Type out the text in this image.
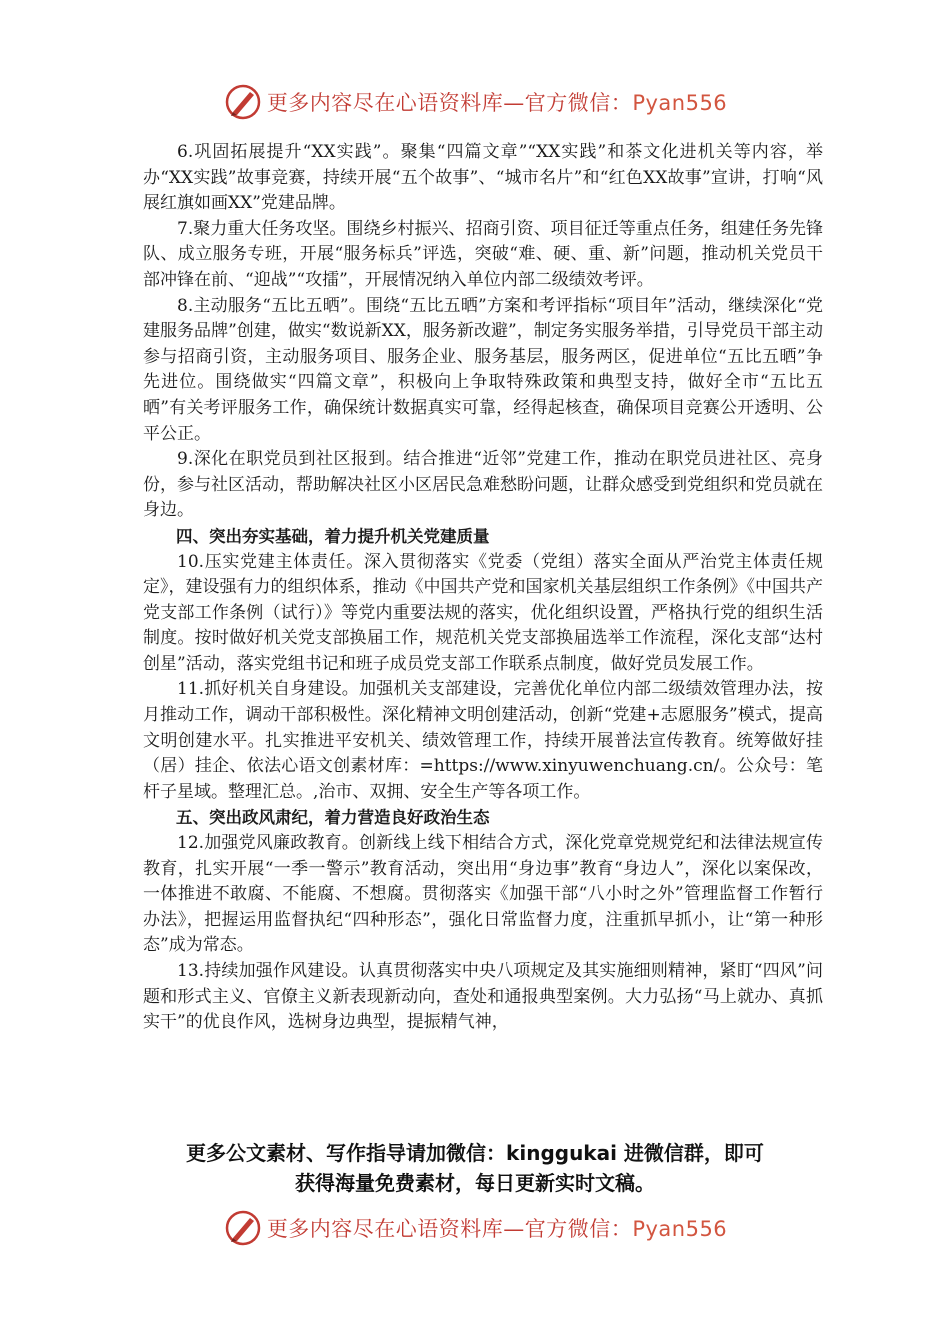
更多内容尽在心语资料库—官方微信：Pyan556

6.巩固拓展提升“XX实践”。聚集“四篇文章”“XX实践”和茶文化进机关等内容，举办“XX实践”故事竞赛，持续开展“五个故事”、“城市名片”和“红色XX故事”宣讲，打响“风展红旗如画XX”党建品牌。

7.聚力重大任务攻坚。围绕乡村振兴、招商引资、项目征迁等重点任务，组建任务先锋队、成立服务专班，开展“服务标兵”评选，突破“难、硬、重、新”问题，推动机关党员干部冲锋在前、“迎战”“攻擂”，开展情况纳入单位内部二级绩效考评。

8.主动服务“五比五晒”。围绕“五比五晒”方案和考评指标“项目年”活动，继续深化“党建服务品牌”创建，做实“数说新XX，服务新改避”，制定务实服务举措，引导党员干部主动参与招商引资，主动服务项目、服务企业、服务基层，服务两区，促进单位“五比五晒”争先进位。围绕做实“四篇文章”，积极向上争取特殊政策和典型支持，做好全市“五比五晒”有关考评服务工作，确保统计数据真实可靠，经得起核查，确保项目竞赛公开透明、公平公正。

9.深化在职党员到社区报到。结合推进“近邻”党建工作，推动在职党员进社区、亮身份，参与社区活动，帮助解决社区小区居民急难愁盼问题，让群众感受到党组织和党员就在身边。

四、突出夯实基础，着力提升机关党建质量

10.压实党建主体责任。深入贯彻落实《党委（党组）落实全面从严治党主体责任规定》，建设强有力的组织体系，推动《中国共产党和国家机关基层组织工作条例》《中国共产党支部工作条例（试行）》等党内重要法规的落实，优化组织设置，严格执行党的组织生活制度。按时做好机关党支部换届工作，规范机关党支部换届选举工作流程，深化支部“达村创星”活动，落实党组书记和班子成员党支部工作联系点制度，做好党员发展工作。

11.抓好机关自身建设。加强机关支部建设，完善优化单位内部二级绩效管理办法，按月推动工作，调动干部积极性。深化精神文明创建活动，创新“党建+志愿服务”模式，提高文明创建水平。扎实推进平安机关、绩效管理工作，持续开展普法宣传教育。统筹做好挂（居）挂企、依法心语文创素材库：=https://www.xinyuwenchuang.cn/。公众号：笔杆子星域。整理汇总。,治市、双拥、安全生产等各项工作。

五、突出政风肃纪，着力营造良好政治生态

12.加强党风廉政教育。创新线上线下相结合方式，深化党章党规党纪和法律法规宣传教育，扎实开展“一季一警示”教育活动，突出用“身边事”教育“身边人”，深化以案保改，一体推进不敢腐、不能腐、不想腐。贯彻落实《加强干部“八小时之外”管理监督工作暂行办法》，把握运用监督执纪“四种形态”，强化日常监督力度，注重抓早抓小，让“第一种形态”成为常态。

13.持续加强作风建设。认真贯彻落实中央八项规定及其实施细则精神，紧盯“四风”问题和形式主义、官僚主义新表现新动向，查处和通报典型案例。大力弘扬“马上就办、真抓实干”的优良作风，选树身边典型，提振精气神，

更多公文素材、写作指导请加微信：kinggukai 进微信群，即可
获得海量免费素材，每日更新实时文稿。
更多内容尽在心语资料库—官方微信：Pyan556
